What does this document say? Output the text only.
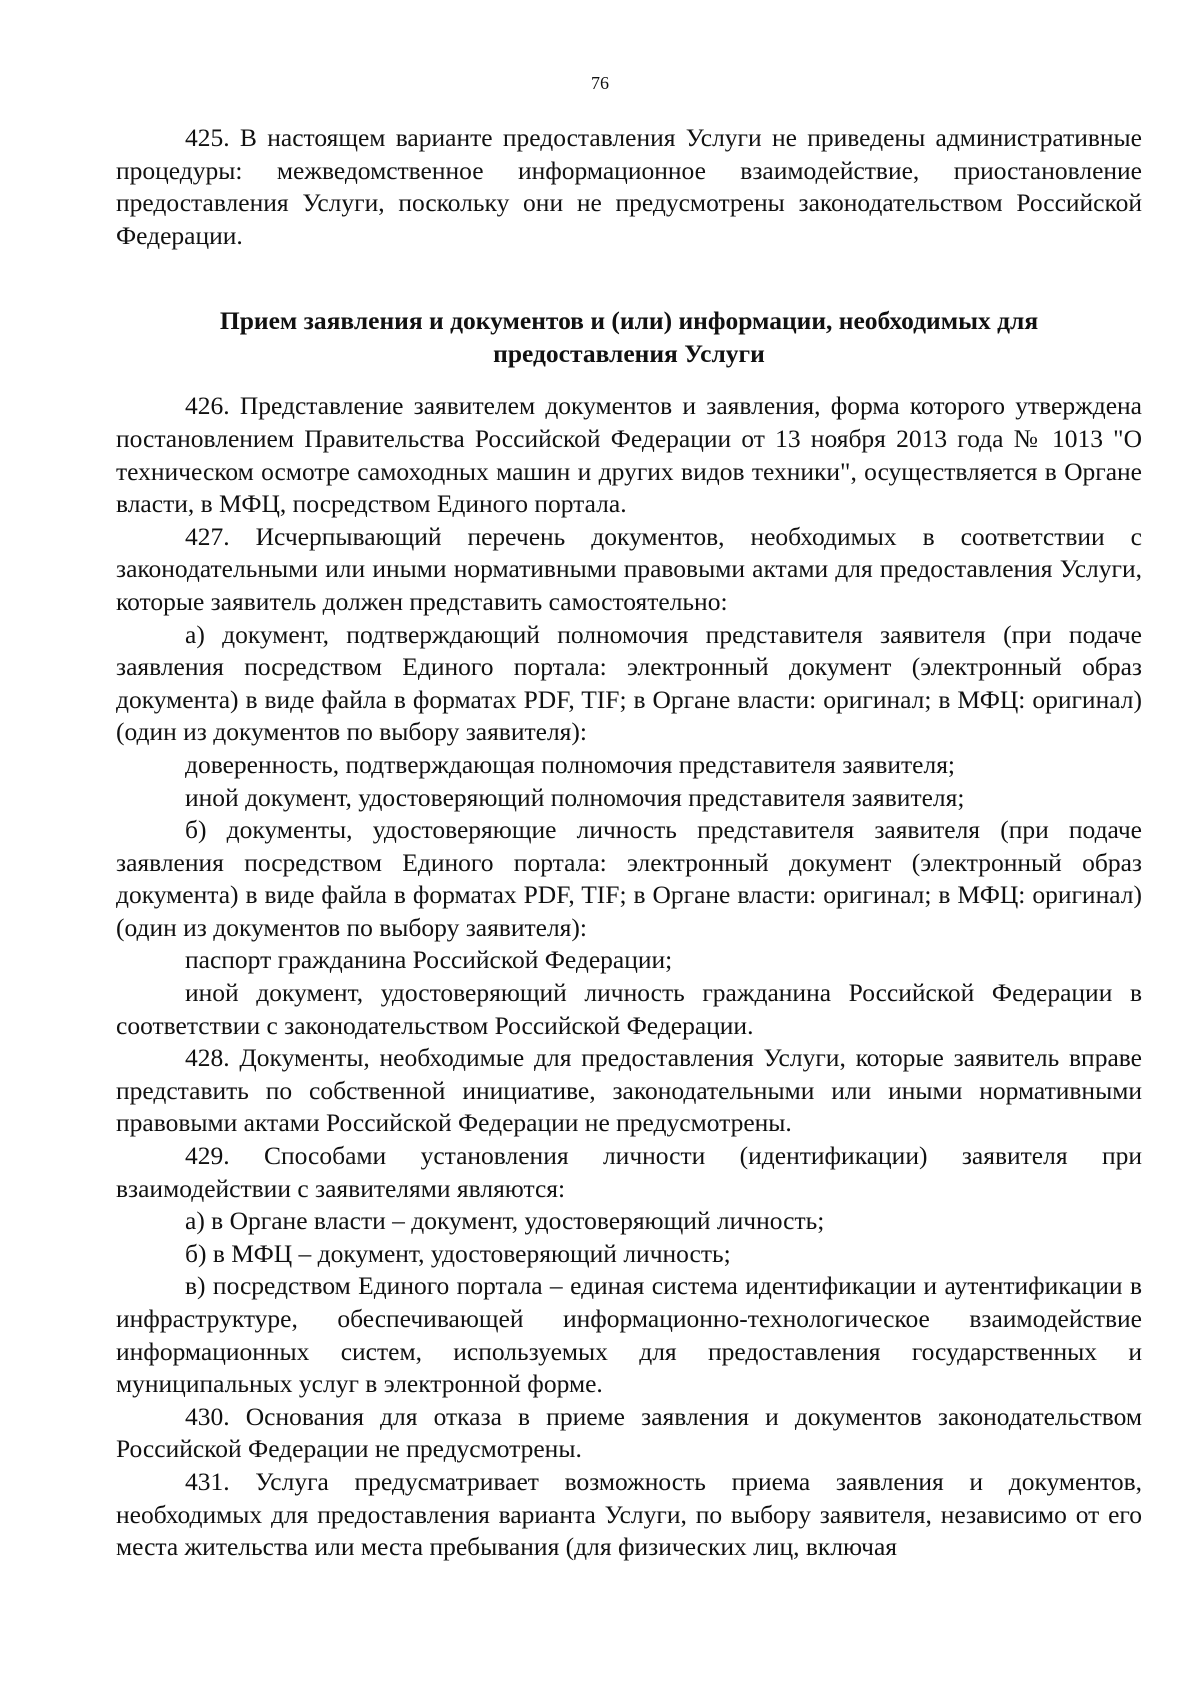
76

425. В настоящем варианте предоставления Услуги не приведены административные процедуры: межведомственное информационное взаимодействие, приостановление предоставления Услуги, поскольку они не предусмотрены законодательством Российской Федерации.

Прием заявления и документов и (или) информации, необходимых для предоставления Услуги

426. Представление заявителем документов и заявления, форма которого утверждена постановлением Правительства Российской Федерации от 13 ноября 2013 года № 1013 "О техническом осмотре самоходных машин и других видов техники", осуществляется в Органе власти, в МФЦ, посредством Единого портала.

427. Исчерпывающий перечень документов, необходимых в соответствии с законодательными или иными нормативными правовыми актами для предоставления Услуги, которые заявитель должен представить самостоятельно:

а) документ, подтверждающий полномочия представителя заявителя (при подаче заявления посредством Единого портала: электронный документ (электронный образ документа) в виде файла в форматах PDF, TIF; в Органе власти: оригинал; в МФЦ: оригинал) (один из документов по выбору заявителя):

доверенность, подтверждающая полномочия представителя заявителя;

иной документ, удостоверяющий полномочия представителя заявителя;

б) документы, удостоверяющие личность представителя заявителя (при подаче заявления посредством Единого портала: электронный документ (электронный образ документа) в виде файла в форматах PDF, TIF; в Органе власти: оригинал; в МФЦ: оригинал) (один из документов по выбору заявителя):

паспорт гражданина Российской Федерации;

иной документ, удостоверяющий личность гражданина Российской Федерации в соответствии с законодательством Российской Федерации.

428. Документы, необходимые для предоставления Услуги, которые заявитель вправе представить по собственной инициативе, законодательными или иными нормативными правовыми актами Российской Федерации не предусмотрены.

429. Способами установления личности (идентификации) заявителя при взаимодействии с заявителями являются:

а) в Органе власти – документ, удостоверяющий личность;

б) в МФЦ – документ, удостоверяющий личность;

в) посредством Единого портала – единая система идентификации и аутентификации в инфраструктуре, обеспечивающей информационно-технологическое взаимодействие информационных систем, используемых для предоставления государственных и муниципальных услуг в электронной форме.

430. Основания для отказа в приеме заявления и документов законодательством Российской Федерации не предусмотрены.

431. Услуга предусматривает возможность приема заявления и документов, необходимых для предоставления варианта Услуги, по выбору заявителя, независимо от его места жительства или места пребывания (для физических лиц, включая
